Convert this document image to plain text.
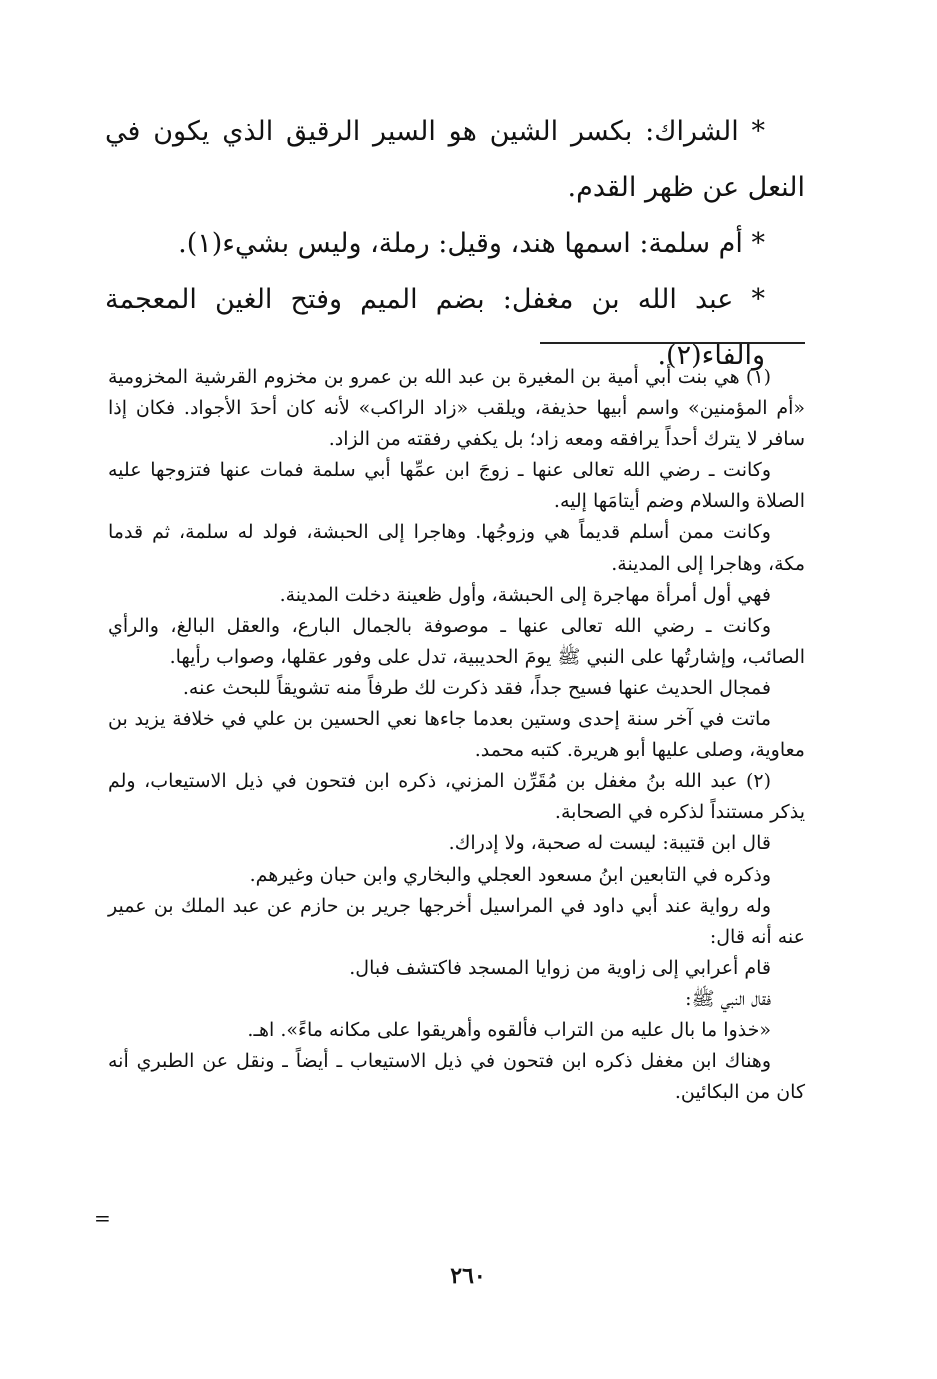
* الشراك: بكسر الشين هو السير الرقيق الذي يكون في النعل عن ظهر القدم.

* أم سلمة: اسمها هند، وقيل: رملة، وليس بشيء(١).

* عبد الله بن مغفل: بضم الميم وفتح الغين المعجمة والفاء(٢).

(١) هي بنت أبي أمية بن المغيرة بن عبد الله بن عمرو بن مخزوم القرشية المخزومية «أم المؤمنين» واسم أبيها حذيفة، ويلقب «زاد الراكب» لأنه كان أحدَ الأجواد. فكان إذا سافر لا يترك أحداً يرافقه ومعه زاد؛ بل يكفي رفقته من الزاد.

وكانت ـ رضي الله تعالى عنها ـ زوجَ ابن عمِّها أبي سلمة فمات عنها فتزوجها عليه الصلاة والسلام وضم أيتامَها إليه.

وكانت ممن أسلم قديماً هي وزوجُها. وهاجرا إلى الحبشة، فولد له سلمة، ثم قدما مكة، وهاجرا إلى المدينة.

فهي أول أمرأة مهاجرة إلى الحبشة، وأول ظعينة دخلت المدينة.

وكانت ـ رضي الله تعالى عنها ـ موصوفة بالجمال البارع، والعقل البالغ، والرأي الصائب، وإشارتُها على النبي ﷺ يومَ الحديبية، تدل على وفور عقلها، وصواب رأيها.

فمجال الحديث عنها فسيح جداً، فقد ذكرت لك طرفاً منه تشويقاً للبحث عنه.

ماتت في آخر سنة إحدى وستين بعدما جاءها نعي الحسين بن علي في خلافة يزيد بن معاوية، وصلى عليها أبو هريرة. كتبه محمد.

(٢) عبد الله بنُ مغفل بن مُقَرِّن المزني، ذكره ابن فتحون في ذيل الاستيعاب، ولم يذكر مستنداً لذكره في الصحابة.

قال ابن قتيبة: ليست له صحبة، ولا إدراك.

وذكره في التابعين ابنُ مسعود العجلي والبخاري وابن حبان وغيرهم.

وله رواية عند أبي داود في المراسيل أخرجها جرير بن حازم عن عبد الملك بن عمير عنه أنه قال:

قام أعرابي إلى زاوية من زوايا المسجد فاكتشف فبال.

فقال النبي ﷺ:

«خذوا ما بال عليه من التراب فألقوه وأهريقوا على مكانه ماءً». اهـ.

وهناك ابن مغفل ذكره ابن فتحون في ذيل الاستيعاب ـ أيضاً ـ ونقل عن الطبري أنه كان من البكائين.

=
٢٦٠
